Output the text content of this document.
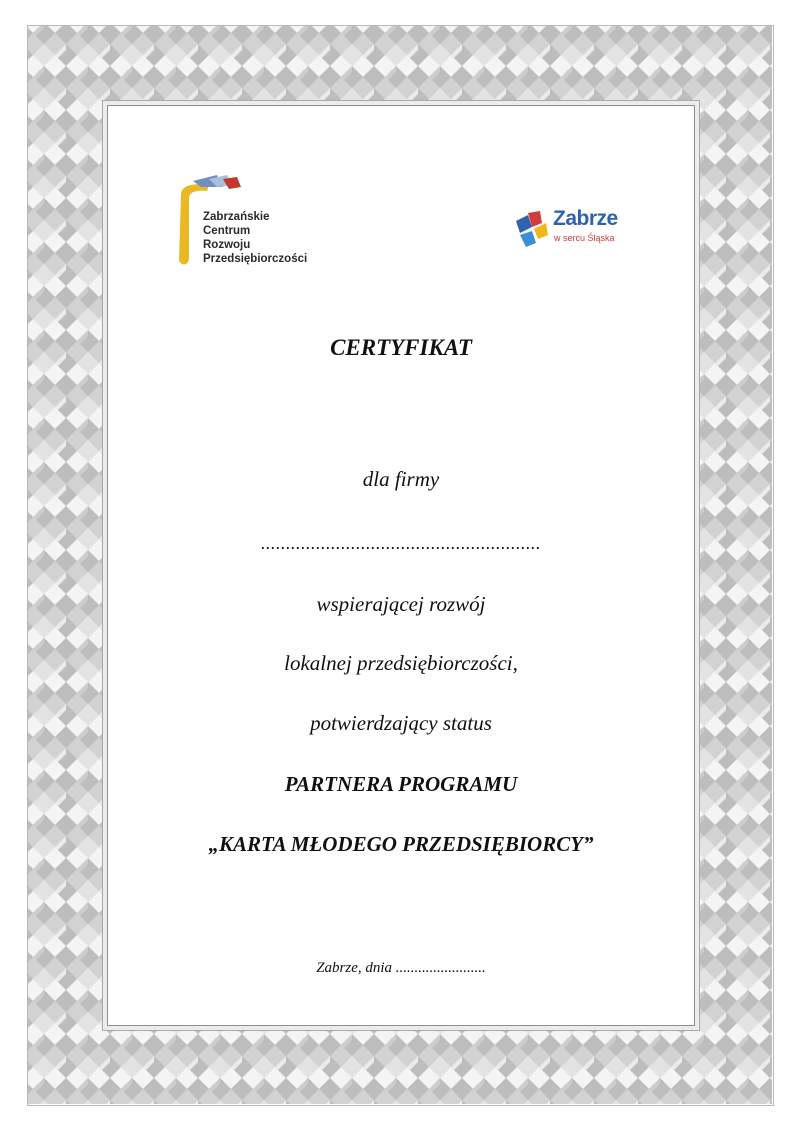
Zabrzańskie
Centrum
Rozwoju
Przedsiębiorczości
Zabrze
w sercu Śląska
CERTYFIKAT
dla firmy
........................................................
wspierającej rozwój
lokalnej przedsiębiorczości,
potwierdzający status
PARTNERA PROGRAMU
„KARTA MŁODEGO PRZEDSIĘBIORCY”
Zabrze, dnia ........................
